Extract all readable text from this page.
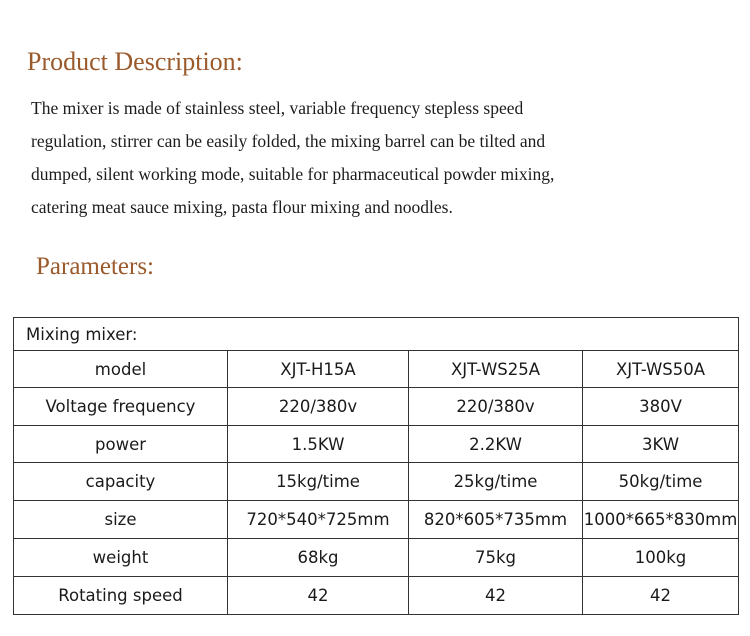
Product Description:

The mixer is made of stainless steel, variable frequency stepless speed
regulation, stirrer can be easily folded, the mixing barrel can be tilted and
dumped, silent working mode, suitable for pharmaceutical powder mixing,
catering meat sauce mixing, pasta flour mixing and noodles.

Parameters:
Mixing mixer:			
model	XJT-H15A	XJT-WS25A	XJT-WS50A
Voltage frequency	220/380v	220/380v	380V
power	1.5KW	2.2KW	3KW
capacity	15kg/time	25kg/time	50kg/time
size	720*540*725mm	820*605*735mm	1000*665*830mm
weight	68kg	75kg	100kg
Rotating speed	42	42	42
